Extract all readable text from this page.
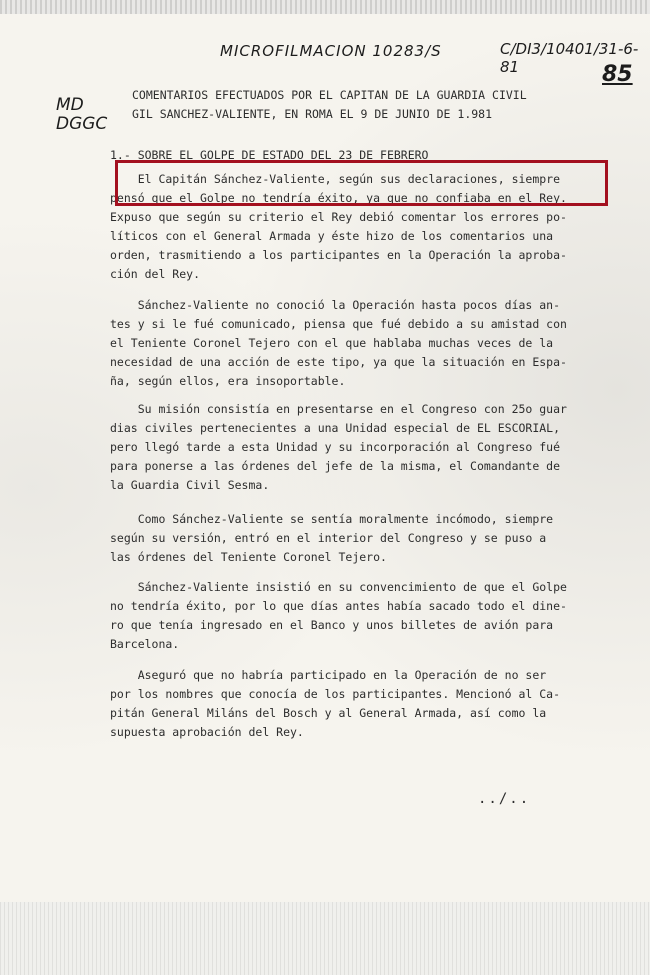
MICROFILMACION 10283/S	C/DI3/10401/31-6-81	85
MD
DGGC
COMENTARIOS EFECTUADOS POR EL CAPITAN DE LA GUARDIA CIVIL
GIL SANCHEZ-VALIENTE, EN ROMA EL 9 DE JUNIO DE 1.981
1.- SOBRE EL GOLPE DE ESTADO DEL 23 DE FEBRERO
El Capitán Sánchez-Valiente, según sus declaraciones, siempre
pensó que el Golpe no tendría éxito, ya que no confiaba en el Rey.
Expuso que según su criterio el Rey debió comentar los errores po-
líticos con el General Armada y éste hizo de los comentarios una
orden, trasmitiendo a los participantes en la Operación la aproba-
ción del Rey.
Sánchez-Valiente no conoció la Operación hasta pocos días an-
tes y si le fué comunicado, piensa que fué debido a su amistad con
el Teniente Coronel Tejero con el que hablaba muchas veces de la
necesidad de una acción de este tipo, ya que la situación en Espa-
ña, según ellos, era insoportable.
Su misión consistía en presentarse en el Congreso con 25o guar
dias civiles pertenecientes a una Unidad especial de EL ESCORIAL,
pero llegó tarde a esta Unidad y su incorporación al Congreso fué
para ponerse a las órdenes del jefe de la misma, el Comandante de
la Guardia Civil Sesma.
Como Sánchez-Valiente se sentía moralmente incómodo, siempre
según su versión, entró en el interior del Congreso y se puso a
las órdenes del Teniente Coronel Tejero.
Sánchez-Valiente insistió en su convencimiento de que el Golpe
no tendría éxito, por lo que días antes había sacado todo el dine-
ro que tenía ingresado en el Banco y unos billetes de avión para
Barcelona.
Aseguró que no habría participado en la Operación de no ser
por los nombres que conocía de los participantes. Mencionó al Ca-
pitán General Miláns del Bosch y al General Armada, así como la
supuesta aprobación del Rey.
../..
